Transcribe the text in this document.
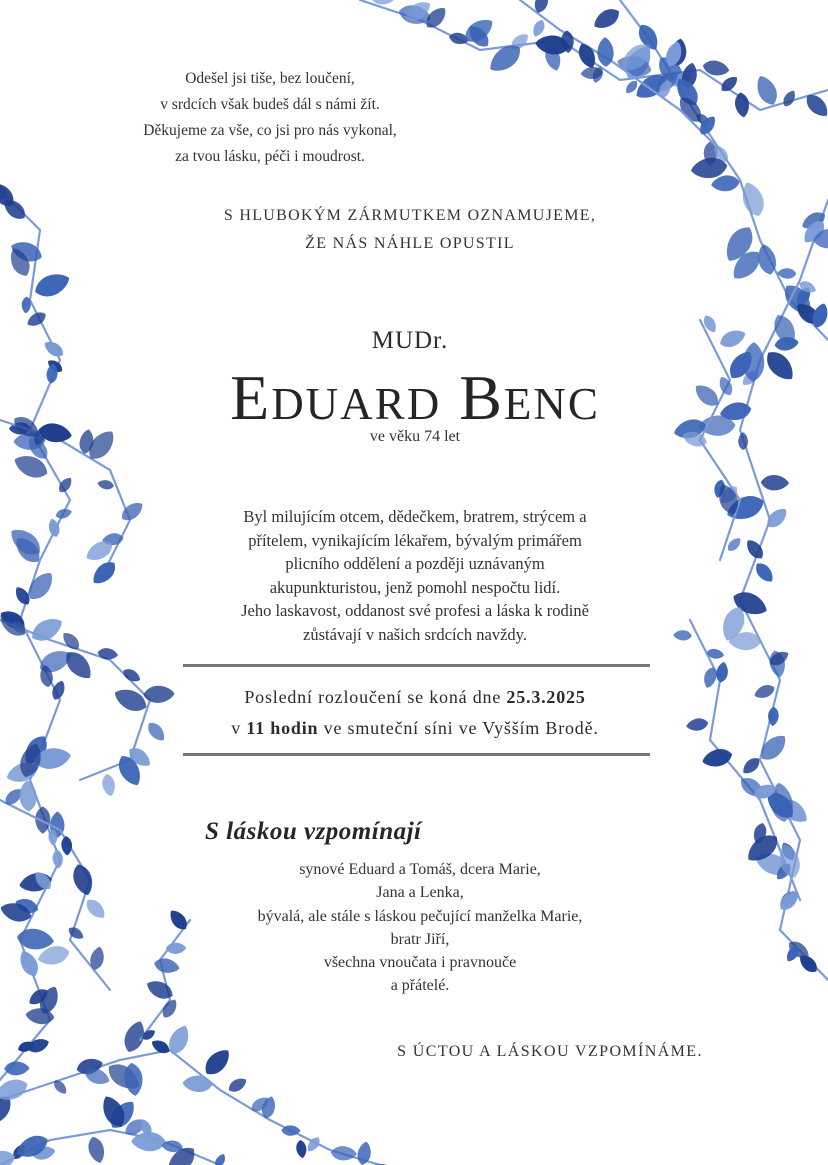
Odešel jsi tiše, bez loučení,
v srdcích však budeš dál s námi žít.
Děkujeme za vše, co jsi pro nás vykonal,
za tvou lásku, péči i moudrost.
S HLUBOKÝM ZÁRMUTKEM OZNAMUJEME,
ŽE NÁS NÁHLE OPUSTIL
MUDr.
Eduard Benc
ve věku 74 let
Byl milujícím otcem, dědečkem, bratrem, strýcem a
přítelem, vynikajícím lékařem, bývalým primářem
plicního oddělení a později uznávaným
akupunkturistou, jenž pomohl nespočtu lidí.
Jeho laskavost, oddanost své profesi a láska k rodině
zůstávají v našich srdcích navždy.
Poslední rozloučení se koná dne 25.3.2025
v 11 hodin ve smuteční síni ve Vyšším Brodě.
S láskou vzpomínají
synové Eduard a Tomáš, dcera Marie,
Jana a Lenka,
bývalá, ale stále s láskou pečující manželka Marie,
bratr Jiří,
všechna vnoučata i pravnouče
a přátelé.
S ÚCTOU A LÁSKOU VZPOMÍNÁME.
